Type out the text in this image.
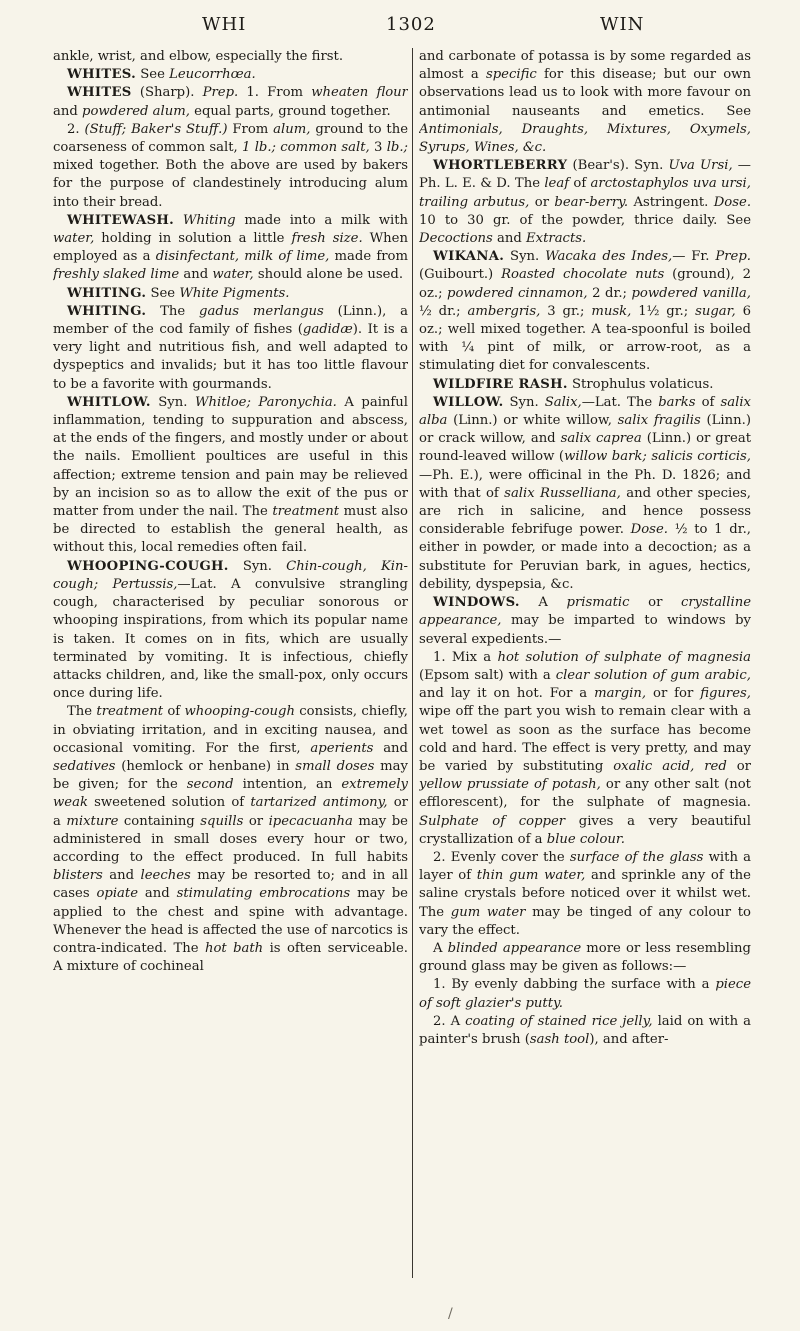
WHI	1302	WIN

ankle, wrist, and elbow, especially the first.

WHITES. See Leucorrhœa.

WHITES (Sharp). Prep. 1. From wheaten flour and powdered alum, equal parts, ground together.

2. (Stuff; Baker's Stuff.) From alum, ground to the coarseness of common salt, 1 lb.; common salt, 3 lb.; mixed together. Both the above are used by bakers for the purpose of clandestinely introducing alum into their bread.

WHITEWASH. Whiting made into a milk with water, holding in solution a little fresh size. When employed as a disinfectant, milk of lime, made from freshly slaked lime and water, should alone be used.

WHITING. See White Pigments.

WHITING. The gadus merlangus (Linn.), a member of the cod family of fishes (gadidæ). It is a very light and nutritious fish, and well adapted to dyspeptics and invalids; but it has too little flavour to be a favorite with gourmands.

WHITLOW. Syn. Whitloe; Paronychia. A painful inflammation, tending to suppuration and abscess, at the ends of the fingers, and mostly under or about the nails. Emollient poultices are useful in this affection; extreme tension and pain may be relieved by an incision so as to allow the exit of the pus or matter from under the nail. The treatment must also be directed to establish the general health, as without this, local remedies often fail.

WHOOPING-COUGH. Syn. Chin-cough, Kin-cough; Pertussis,—Lat. A convulsive strangling cough, characterised by peculiar sonorous or whooping inspirations, from which its popular name is taken. It comes on in fits, which are usually terminated by vomiting. It is infectious, chiefly attacks children, and, like the small-pox, only occurs once during life.

The treatment of whooping-cough consists, chiefly, in obviating irritation, and in exciting nausea, and occasional vomiting. For the first, aperients and sedatives (hemlock or henbane) in small doses may be given; for the second intention, an extremely weak sweetened solution of tartarized antimony, or a mixture containing squills or ipecacuanha may be administered in small doses every hour or two, according to the effect produced. In full habits blisters and leeches may be resorted to; and in all cases opiate and stimulating embrocations may be applied to the chest and spine with advantage. Whenever the head is affected the use of narcotics is contra-indicated. The hot bath is often serviceable. A mixture of cochineal

and carbonate of potassa is by some regarded as almost a specific for this disease; but our own observations lead us to look with more favour on antimonial nauseants and emetics. See Antimonials, Draughts, Mixtures, Oxymels, Syrups, Wines, &c.

WHORTLEBERRY (Bear's). Syn. Uva Ursi, — Ph. L. E. & D. The leaf of arctostaphylos uva ursi, trailing arbutus, or bear-berry. Astringent. Dose. 10 to 30 gr. of the powder, thrice daily. See Decoctions and Extracts.

WIKANA. Syn. Wacaka des Indes,— Fr. Prep. (Guibourt.) Roasted chocolate nuts (ground), 2 oz.; powdered cinnamon, 2 dr.; powdered vanilla, ½ dr.; ambergris, 3 gr.; musk, 1½ gr.; sugar, 6 oz.; well mixed together. A tea-spoonful is boiled with ¼ pint of milk, or arrow-root, as a stimulating diet for convalescents.

WILDFIRE RASH. Strophulus volaticus.

WILLOW. Syn. Salix,—Lat. The barks of salix alba (Linn.) or white willow, salix fragilis (Linn.) or crack willow, and salix caprea (Linn.) or great round-leaved willow (willow bark; salicis corticis,—Ph. E.), were officinal in the Ph. D. 1826; and with that of salix Russelliana, and other species, are rich in salicine, and hence possess considerable febrifuge power. Dose. ½ to 1 dr., either in powder, or made into a decoction; as a substitute for Peruvian bark, in agues, hectics, debility, dyspepsia, &c.

WINDOWS. A prismatic or crystalline appearance, may be imparted to windows by several expedients.—

1. Mix a hot solution of sulphate of magnesia (Epsom salt) with a clear solution of gum arabic, and lay it on hot. For a margin, or for figures, wipe off the part you wish to remain clear with a wet towel as soon as the surface has become cold and hard. The effect is very pretty, and may be varied by substituting oxalic acid, red or yellow prussiate of potash, or any other salt (not efflorescent), for the sulphate of magnesia. Sulphate of copper gives a very beautiful crystallization of a blue colour.

2. Evenly cover the surface of the glass with a layer of thin gum water, and sprinkle any of the saline crystals before noticed over it whilst wet. The gum water may be tinged of any colour to vary the effect.

A blinded appearance more or less resembling ground glass may be given as follows:—

1. By evenly dabbing the surface with a piece of soft glazier's putty.

2. A coating of stained rice jelly, laid on with a painter's brush (sash tool), and after-

/
